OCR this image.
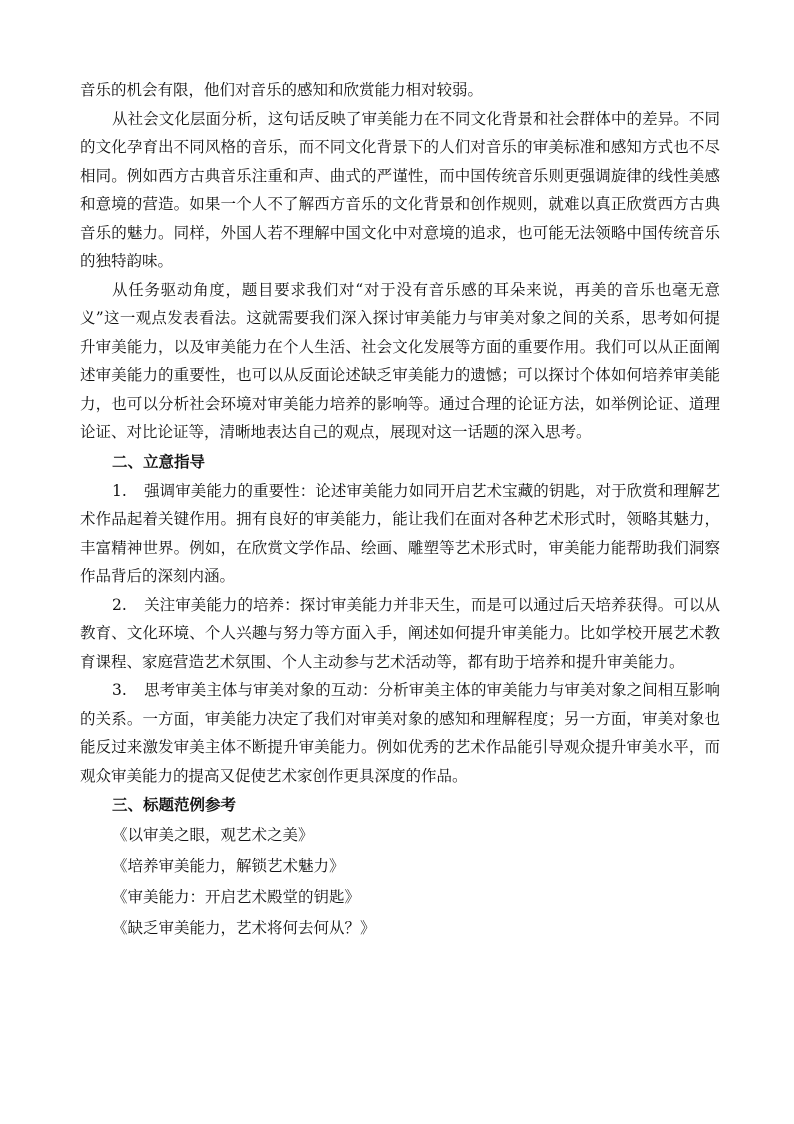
音乐的机会有限，他们对音乐的感知和欣赏能力相对较弱。

从社会文化层面分析，这句话反映了审美能力在不同文化背景和社会群体中的差异。不同的文化孕育出不同风格的音乐，而不同文化背景下的人们对音乐的审美标准和感知方式也不尽相同。例如西方古典音乐注重和声、曲式的严谨性，而中国传统音乐则更强调旋律的线性美感和意境的营造。如果一个人不了解西方音乐的文化背景和创作规则，就难以真正欣赏西方古典音乐的魅力。同样，外国人若不理解中国文化中对意境的追求，也可能无法领略中国传统音乐的独特韵味。

从任务驱动角度，题目要求我们对“对于没有音乐感的耳朵来说，再美的音乐也毫无意义”这一观点发表看法。这就需要我们深入探讨审美能力与审美对象之间的关系，思考如何提升审美能力，以及审美能力在个人生活、社会文化发展等方面的重要作用。我们可以从正面阐述审美能力的重要性，也可以从反面论述缺乏审美能力的遗憾；可以探讨个体如何培养审美能力，也可以分析社会环境对审美能力培养的影响等。通过合理的论证方法，如举例论证、道理论证、对比论证等，清晰地表达自己的观点，展现对这一话题的深入思考。

二、立意指导

1. 强调审美能力的重要性：论述审美能力如同开启艺术宝藏的钥匙，对于欣赏和理解艺术作品起着关键作用。拥有良好的审美能力，能让我们在面对各种艺术形式时，领略其魅力，丰富精神世界。例如，在欣赏文学作品、绘画、雕塑等艺术形式时，审美能力能帮助我们洞察作品背后的深刻内涵。

2. 关注审美能力的培养：探讨审美能力并非天生，而是可以通过后天培养获得。可以从教育、文化环境、个人兴趣与努力等方面入手，阐述如何提升审美能力。比如学校开展艺术教育课程、家庭营造艺术氛围、个人主动参与艺术活动等，都有助于培养和提升审美能力。

3. 思考审美主体与审美对象的互动：分析审美主体的审美能力与审美对象之间相互影响的关系。一方面，审美能力决定了我们对审美对象的感知和理解程度；另一方面，审美对象也能反过来激发审美主体不断提升审美能力。例如优秀的艺术作品能引导观众提升审美水平，而观众审美能力的提高又促使艺术家创作更具深度的作品。

三、标题范例参考

《以审美之眼，观艺术之美》

《培养审美能力，解锁艺术魅力》

《审美能力：开启艺术殿堂的钥匙》

《缺乏审美能力，艺术将何去何从？》
